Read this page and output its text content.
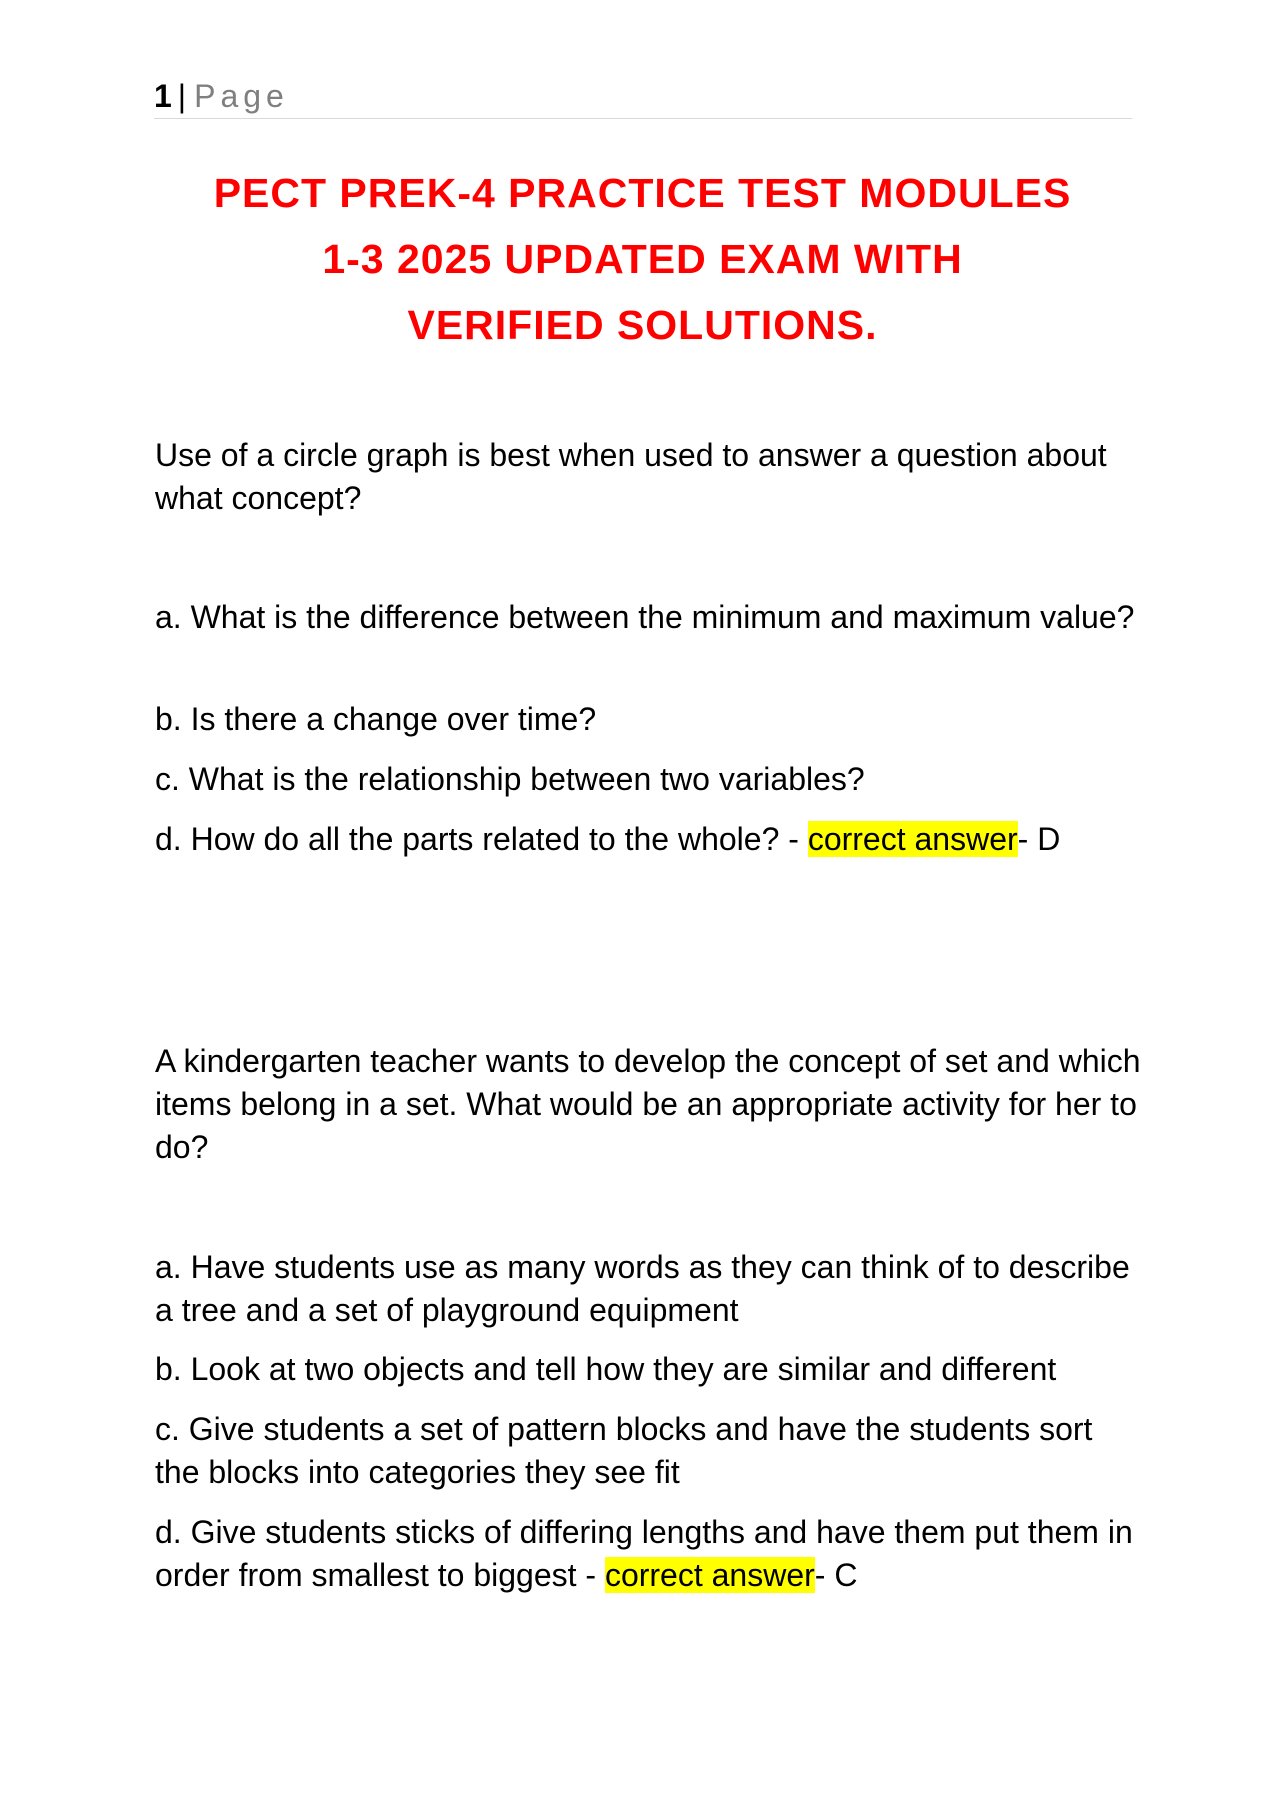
1 | Page
PECT PREK-4 PRACTICE TEST MODULES
1-3 2025 UPDATED EXAM WITH
VERIFIED SOLUTIONS.

Use of a circle graph is best when used to answer a question about what concept?

a. What is the difference between the minimum and maximum value?

b. Is there a change over time?

c. What is the relationship between two variables?

d. How do all the parts related to the whole? - correct answer- D

A kindergarten teacher wants to develop the concept of set and which items belong in a set. What would be an appropriate activity for her to do?

a. Have students use as many words as they can think of to describe a tree and a set of playground equipment

b. Look at two objects and tell how they are similar and different

c. Give students a set of pattern blocks and have the students sort the blocks into categories they see fit

d. Give students sticks of differing lengths and have them put them in order from smallest to biggest - correct answer- C
